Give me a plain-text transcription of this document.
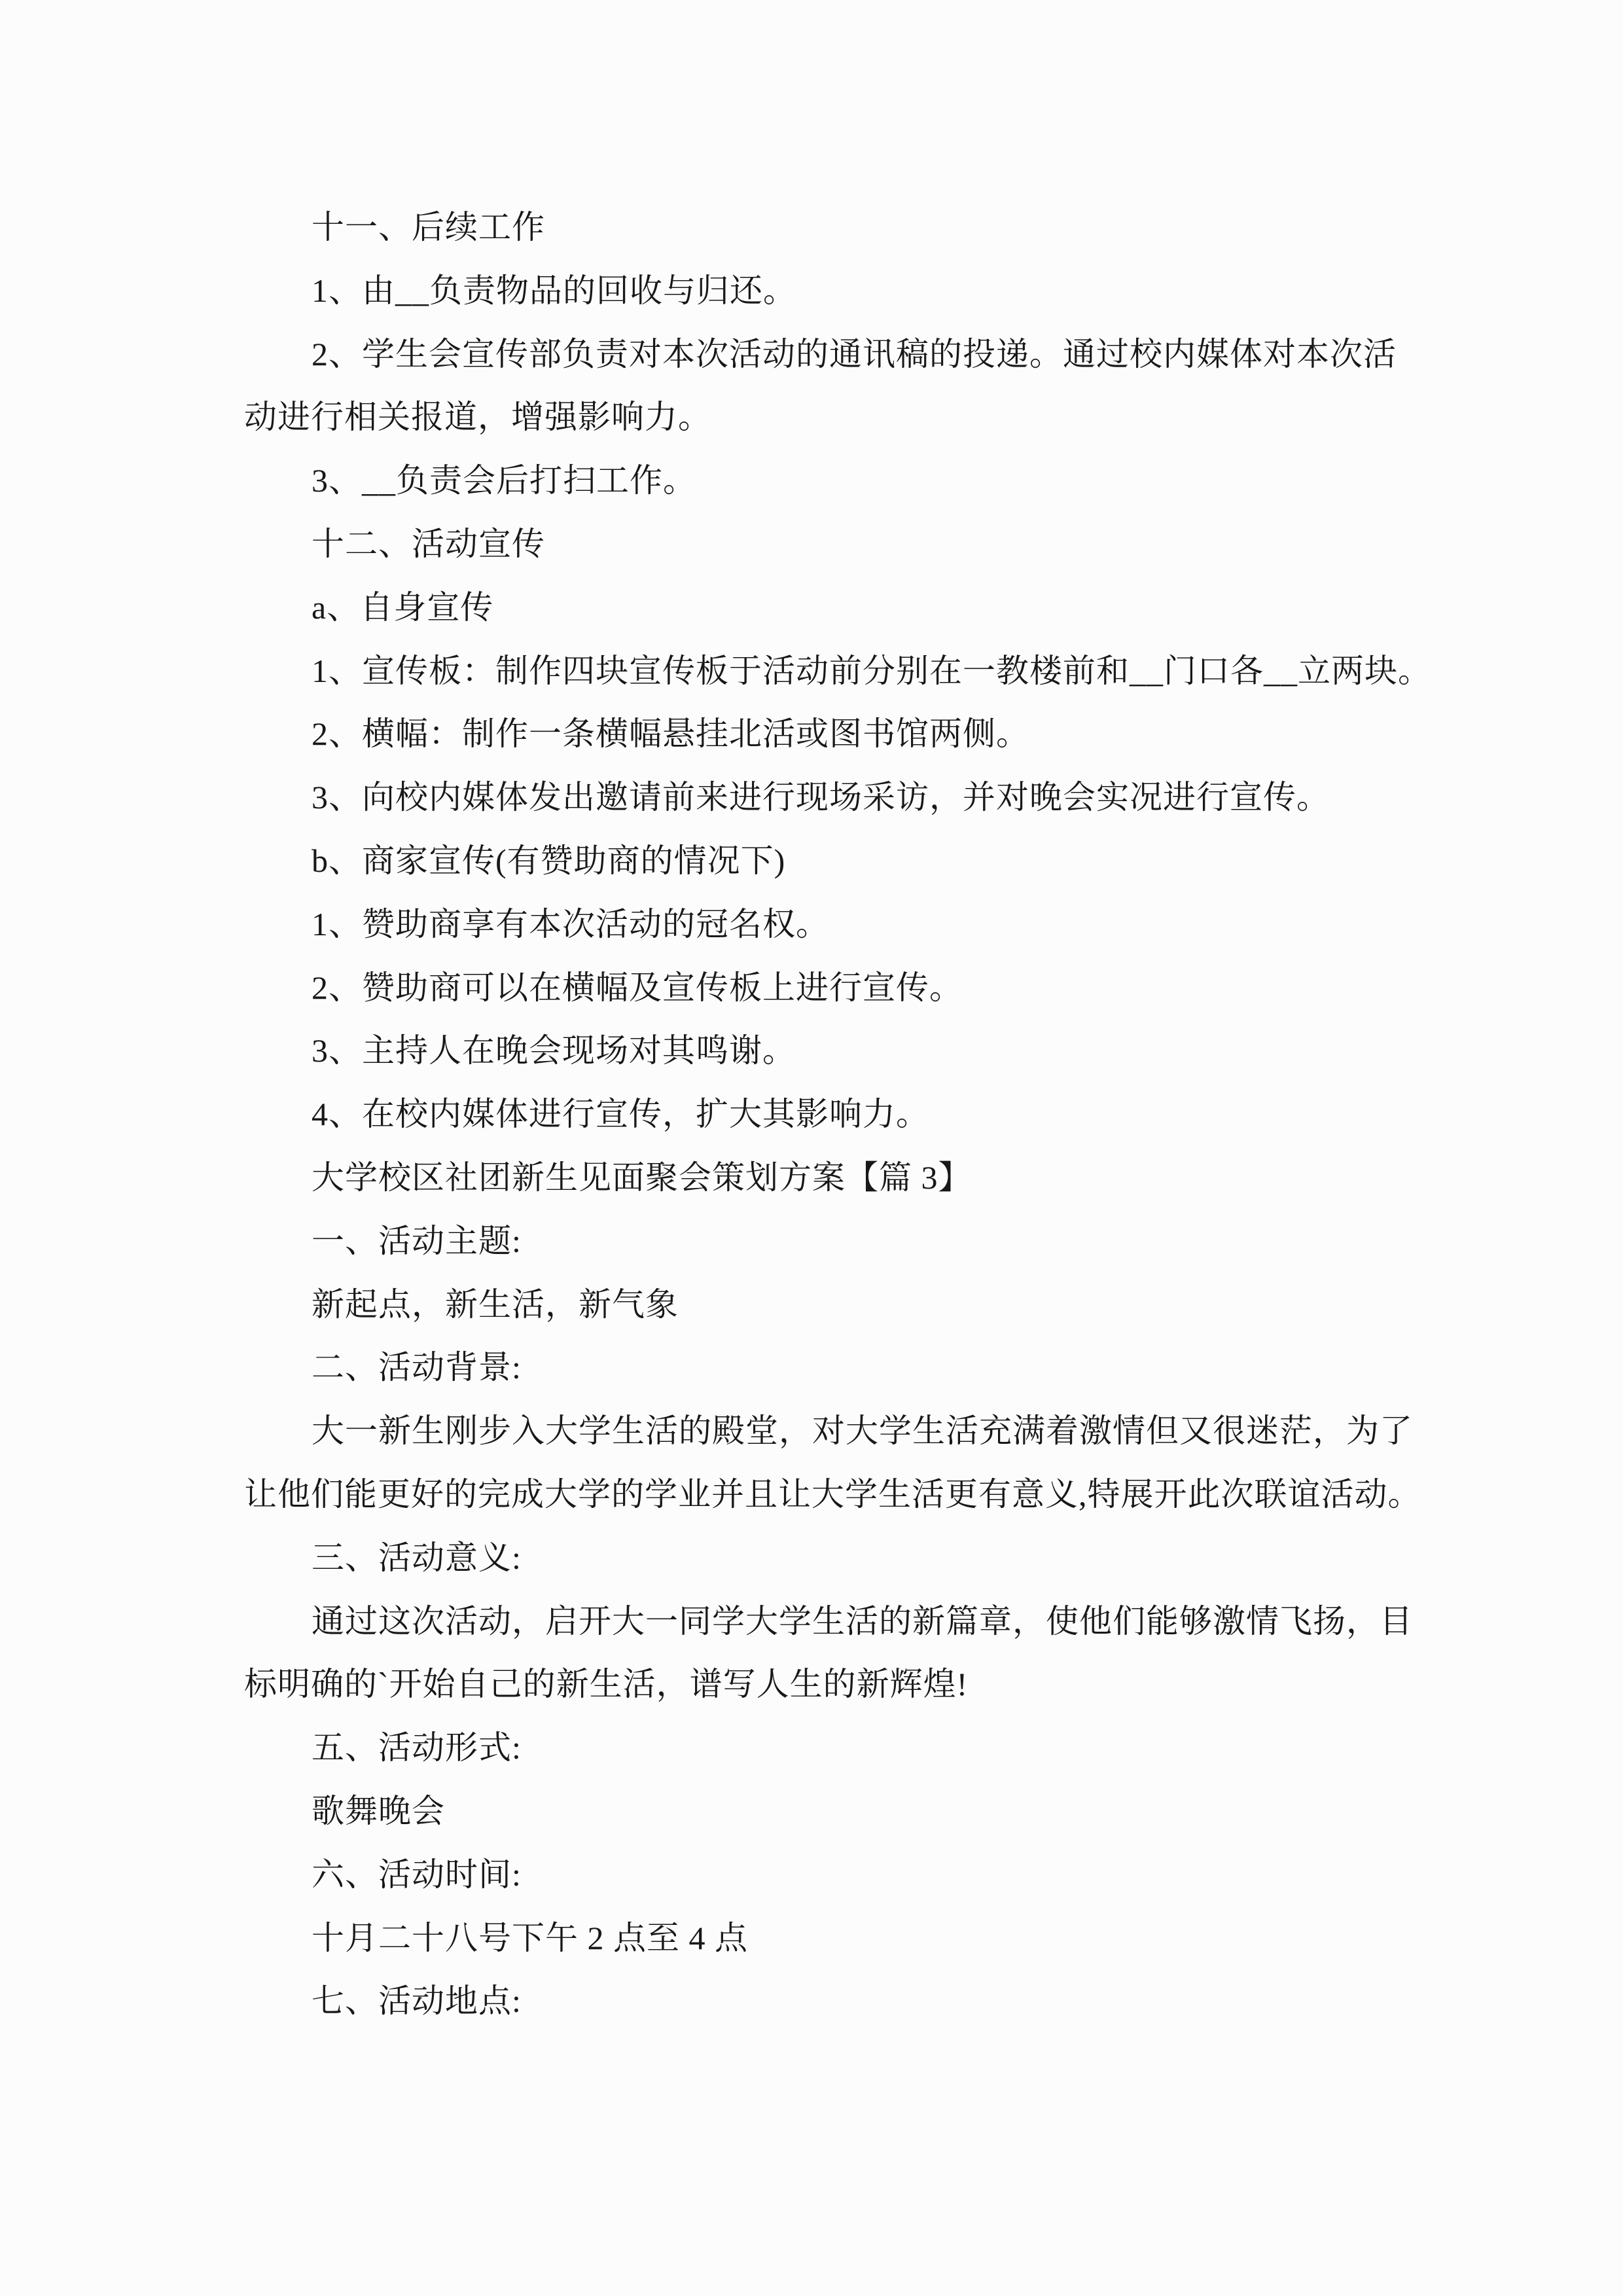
十一、后续工作
1、由__负责物品的回收与归还。
2、学生会宣传部负责对本次活动的通讯稿的投递。通过校内媒体对本次活
动进行相关报道，增强影响力。
3、__负责会后打扫工作。
十二、活动宣传
a、自身宣传
1、宣传板：制作四块宣传板于活动前分别在一教楼前和__门口各__立两块。
2、横幅：制作一条横幅悬挂北活或图书馆两侧。
3、向校内媒体发出邀请前来进行现场采访，并对晚会实况进行宣传。
b、商家宣传(有赞助商的情况下)
1、赞助商享有本次活动的冠名权。
2、赞助商可以在横幅及宣传板上进行宣传。
3、主持人在晚会现场对其鸣谢。
4、在校内媒体进行宣传，扩大其影响力。
大学校区社团新生见面聚会策划方案【篇 3】
一、活动主题:
新起点，新生活，新气象
二、活动背景:
大一新生刚步入大学生活的殿堂，对大学生活充满着激情但又很迷茫，为了
让他们能更好的完成大学的学业并且让大学生活更有意义,特展开此次联谊活动。
三、活动意义:
通过这次活动，启开大一同学大学生活的新篇章，使他们能够激情飞扬，目
标明确的`开始自己的新生活，谱写人生的新辉煌!
五、活动形式:
歌舞晚会
六、活动时间:
十月二十八号下午 2 点至 4 点
七、活动地点:
